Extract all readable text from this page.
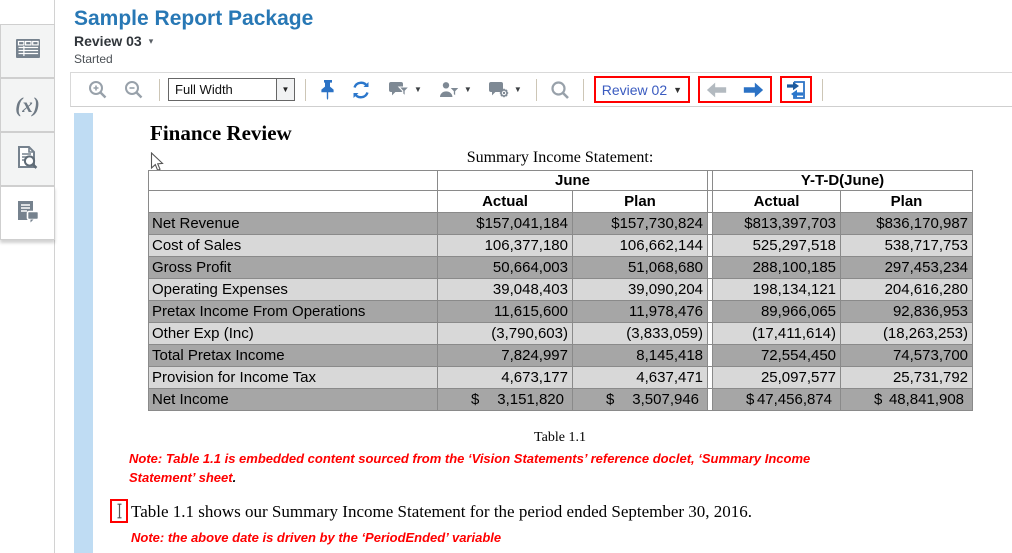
(x)
Sample Report Package
Review 03 ▾
Started
Full Width	▼	▼	▼	▼	Review 02 ▼
Finance Review
Summary Income Statement:
	June			Y-T-D(June)	
	Actual	Plan		Actual	Plan
Net Revenue	$157,041,184	$157,730,824		$813,397,703	$836,170,987
Cost of Sales	106,377,180	106,662,144		525,297,518	538,717,753
Gross Profit	50,664,003	51,068,680		288,100,185	297,453,234
Operating Expenses	39,048,403	39,090,204		198,134,121	204,616,280
Pretax Income From Operations	11,615,600	11,978,476		89,966,065	92,836,953
Other Exp (Inc)	(3,790,603)	(3,833,059)		(17,411,614)	(18,263,253)
Total Pretax Income	7,824,997	8,145,418		72,554,450	74,573,700
Provision for Income Tax	4,673,177	4,637,471		25,097,577	25,731,792
Net Income	$ 3,151,820	$ 3,507,946		$ 47,456,874	$ 48,841,908
Table 1.1
Note: Table 1.1 is embedded content sourced from the ‘Vision Statements’ reference doclet, ‘Summary Income
Statement’ sheet.
Table 1.1 shows our Summary Income Statement for the period ended September 30, 2016.
Note: the above date is driven by the ‘PeriodEnded’ variable
